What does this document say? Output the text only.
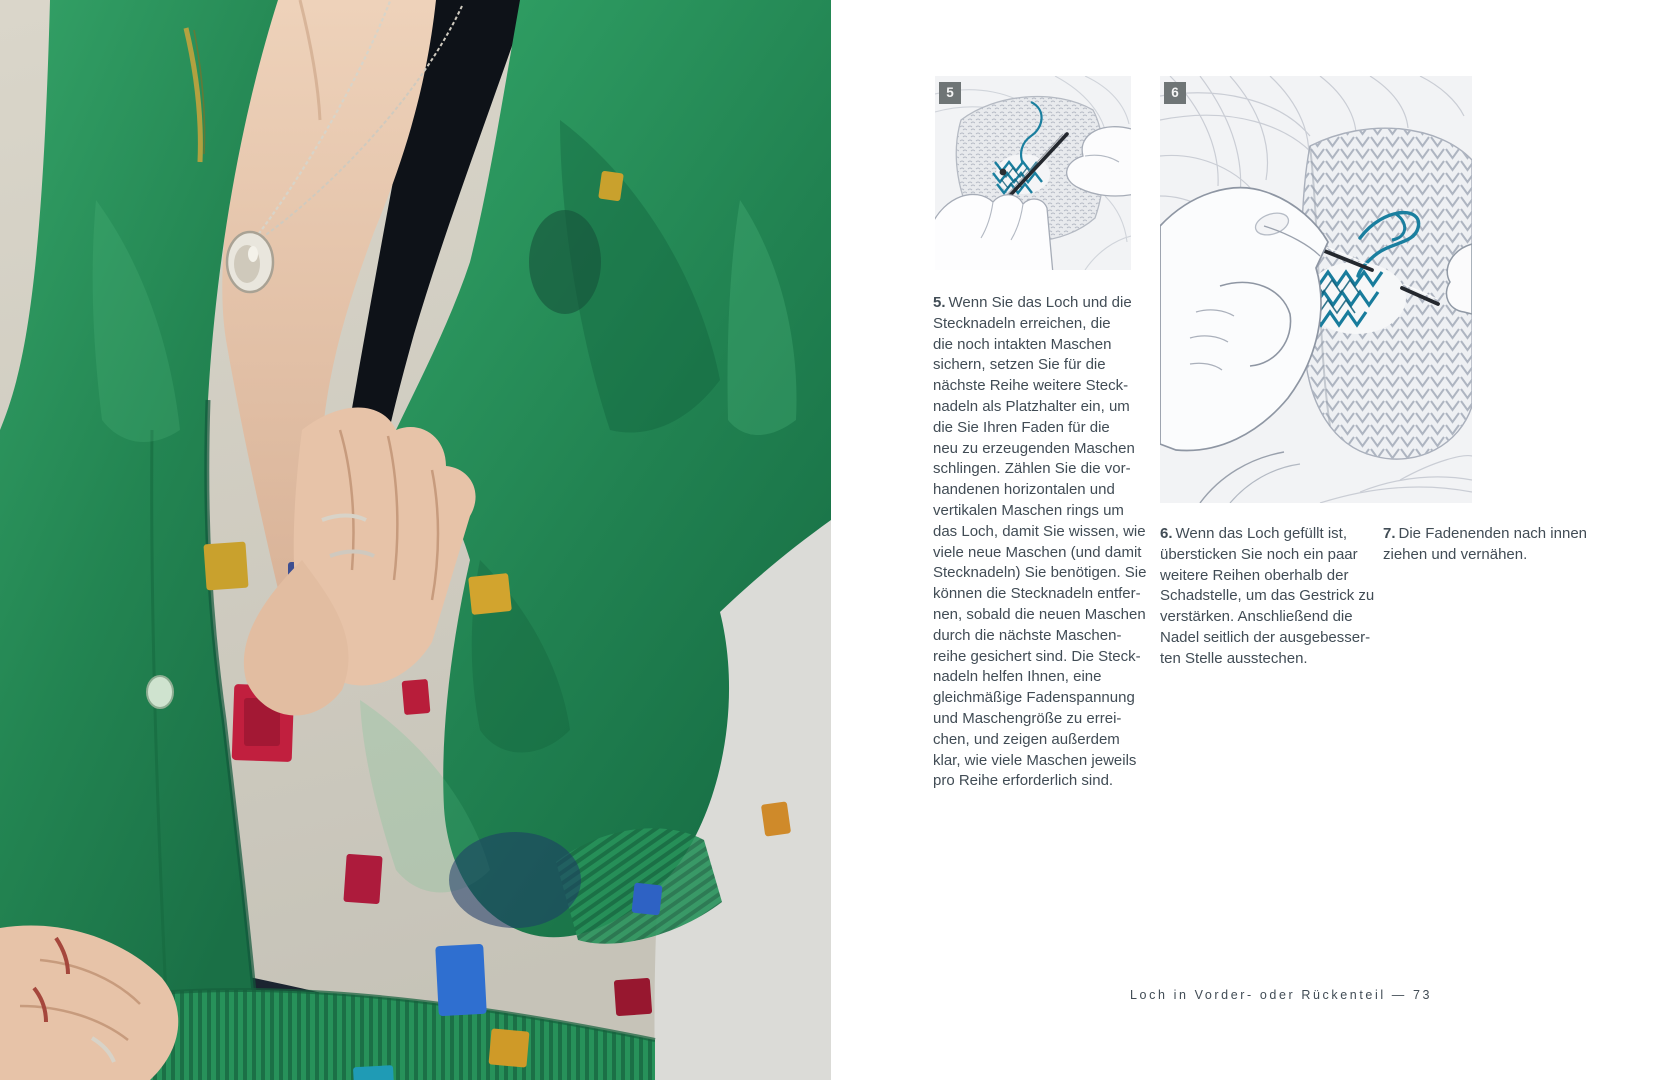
5	6
5. Wenn Sie das Loch und die
Stecknadeln erreichen, die
die noch intakten Maschen
sichern, setzen Sie für die
nächste Reihe weitere Steck-
nadeln als Platzhalter ein, um
die Sie Ihren Faden für die
neu zu erzeugenden Maschen
schlingen. Zählen Sie die vor-
handenen horizontalen und
vertikalen Maschen rings um
das Loch, damit Sie wissen, wie
viele neue Maschen (und damit
Stecknadeln) Sie benötigen. Sie
können die Stecknadeln entfer-
nen, sobald die neuen Maschen
durch die nächste Maschen-
reihe gesichert sind. Die Steck-
nadeln helfen Ihnen, eine
gleichmäßige Fadenspannung
und Maschengröße zu errei-
chen, und zeigen außerdem
klar, wie viele Maschen jeweils
pro Reihe erforderlich sind.
6. Wenn das Loch gefüllt ist,
übersticken Sie noch ein paar
weitere Reihen oberhalb der
Schadstelle, um das Gestrick zu
verstärken. Anschließend die
Nadel seitlich der ausgebesser-
ten Stelle ausstechen.
7. Die Fadenenden nach innen
ziehen und vernähen.
Loch in Vorder- oder Rückenteil — 73
